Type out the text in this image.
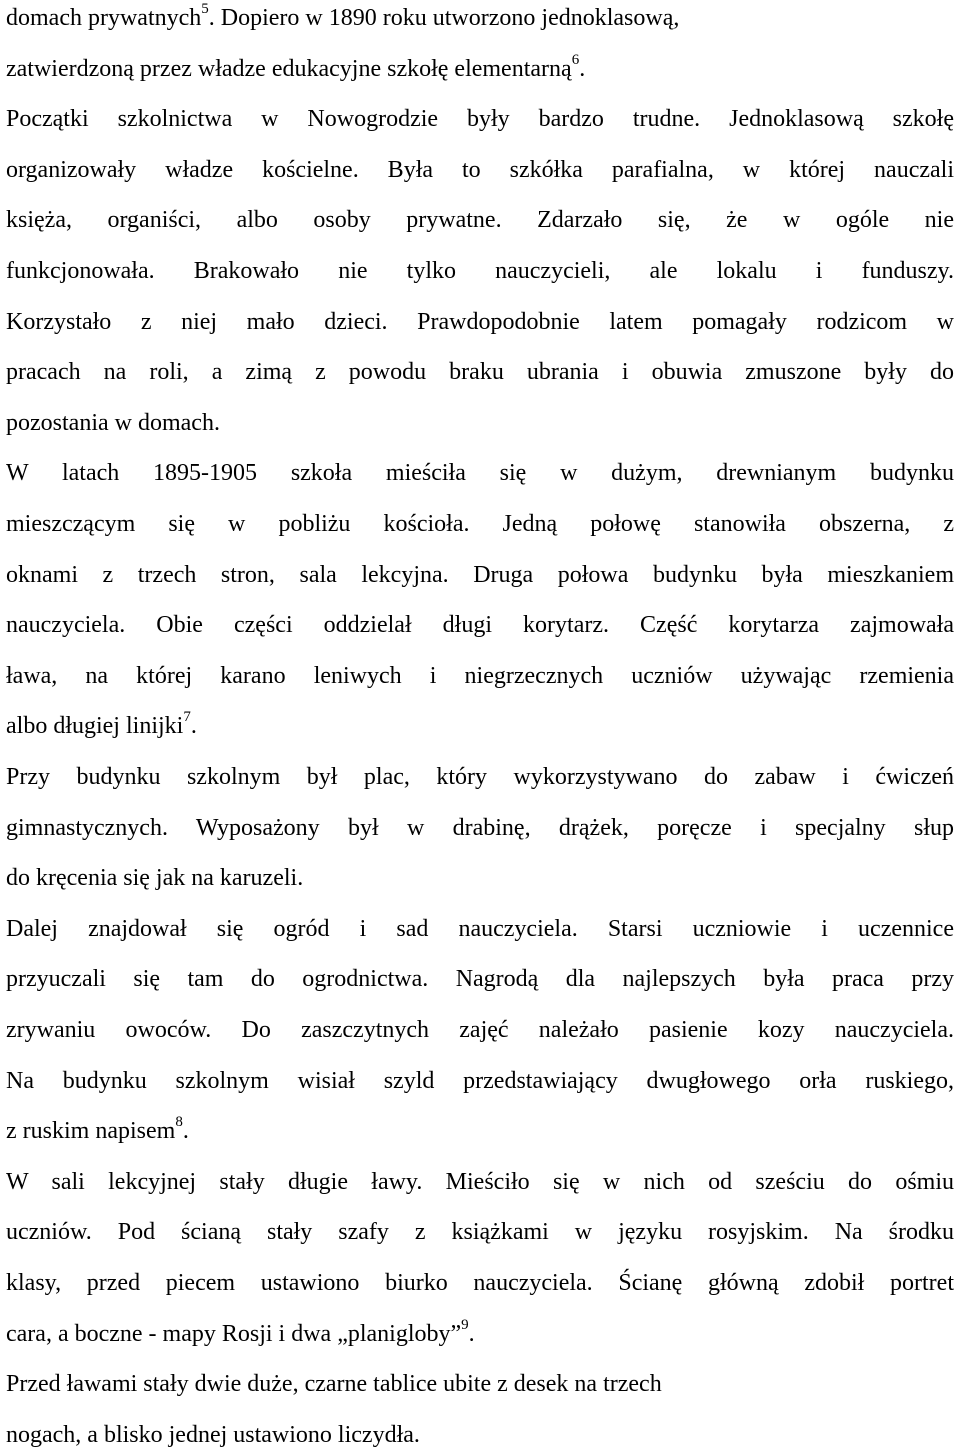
domach prywatnych$^5$. Dopiero w 1890 roku utworzono jednoklasową,
zatwierdzoną przez władze edukacyjne szkołę elementarną$^6$.
Początki szkolnictwa w Nowogrodzie były bardzo trudne. Jednoklasową szkołę
organizowały władze kościelne. Była to szkółka parafialna, w której nauczali
księża, organiści, albo osoby prywatne. Zdarzało się, że w ogóle nie
funkcjonowała. Brakowało nie tylko nauczycieli, ale lokalu i funduszy.
Korzystało z niej mało dzieci. Prawdopodobnie latem pomagały rodzicom w
pracach na roli, a zimą z powodu braku ubrania i obuwia zmuszone były do
pozostania w domach.
W latach 1895-1905 szkoła mieściła się w dużym, drewnianym budynku
mieszczącym się w pobliżu kościoła. Jedną połowę stanowiła obszerna, z
oknami z trzech stron, sala lekcyjna. Druga połowa budynku była mieszkaniem
nauczyciela. Obie części oddzielał długi korytarz. Część korytarza zajmowała
ława, na której karano leniwych i niegrzecznych uczniów używając rzemienia
albo długiej linijki$^7$.
Przy budynku szkolnym był plac, który wykorzystywano do zabaw i ćwiczeń
gimnastycznych. Wyposażony był w drabinę, drążek, poręcze i specjalny słup
do kręcenia się jak na karuzeli.
Dalej znajdował się ogród i sad nauczyciela. Starsi uczniowie i uczennice
przyuczali się tam do ogrodnictwa. Nagrodą dla najlepszych była praca przy
zrywaniu owoców. Do zaszczytnych zajęć należało pasienie kozy nauczyciela.
Na budynku szkolnym wisiał szyld przedstawiający dwugłowego orła ruskiego,
z ruskim napisem$^8$.
W sali lekcyjnej stały długie ławy. Mieściło się w nich od sześciu do ośmiu
uczniów. Pod ścianą stały szafy z książkami w języku rosyjskim. Na środku
klasy, przed piecem ustawiono biurko nauczyciela. Ścianę główną zdobił portret
cara, a boczne - mapy Rosji i dwa „planigloby”$^9$.
Przed ławami stały dwie duże, czarne tablice ubite z desek na trzech
nogach, a blisko jednej ustawiono liczydła.
